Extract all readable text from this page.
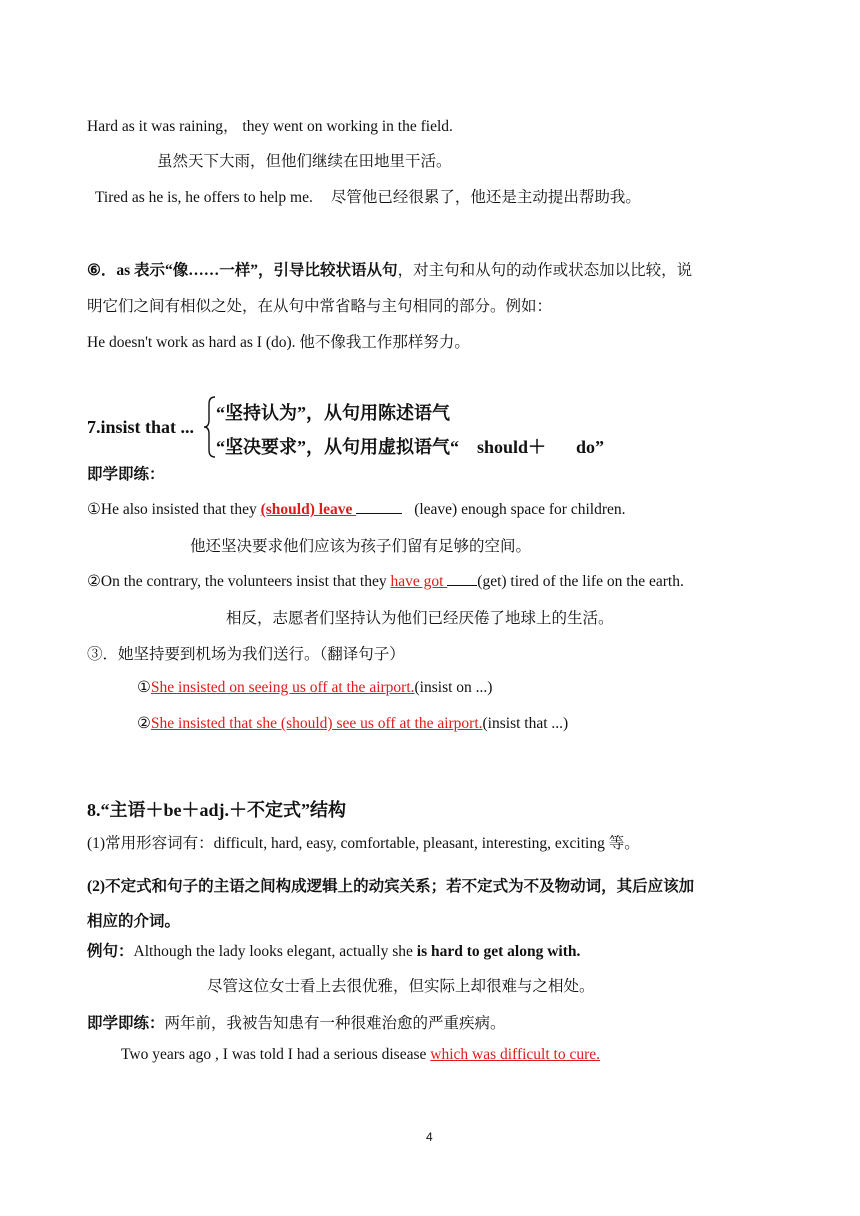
Hard as it was raining， they went on working in the field.
虽然天下大雨，但他们继续在田地里干活。
Tired as he is, he offers to help me. 尽管他已经很累了，他还是主动提出帮助我。
⑥．as 表示“像……一样”，引导比较状语从句，对主句和从句的动作或状态加以比较，说
明它们之间有相似之处，在从句中常省略与主句相同的部分。例如：
He doesn't work as hard as I (do). 他不像我工作那样努力。
7.insist that ...
“坚持认为”，从句用陈述语气
“坚决要求”，从句用虚拟语气“ should＋ do”
即学即练：
①He also insisted that they (should) leave	(leave) enough space for children.
他还坚决要求他们应该为孩子们留有足够的空间。
②On the contrary, the volunteers insist that they have got (get) tired of the life on the earth.
相反，志愿者们坚持认为他们已经厌倦了地球上的生活。
③．她坚持要到机场为我们送行。（翻译句子）
①She insisted on seeing us off at the airport.(insist on ...)
②She insisted that she (should) see us off at the airport.(insist that ...)
8.“主语＋be＋adj.＋不定式”结构
(1)常用形容词有：difficult, hard, easy, comfortable, pleasant, interesting, exciting 等。
(2)不定式和句子的主语之间构成逻辑上的动宾关系；若不定式为不及物动词，其后应该加
相应的介词。
例句：Although the lady looks elegant, actually she is hard to get along with.
尽管这位女士看上去很优雅，但实际上却很难与之相处。
即学即练：两年前，我被告知患有一种很难治愈的严重疾病。
Two years ago , I was told I had a serious disease which was difficult to cure.
4
